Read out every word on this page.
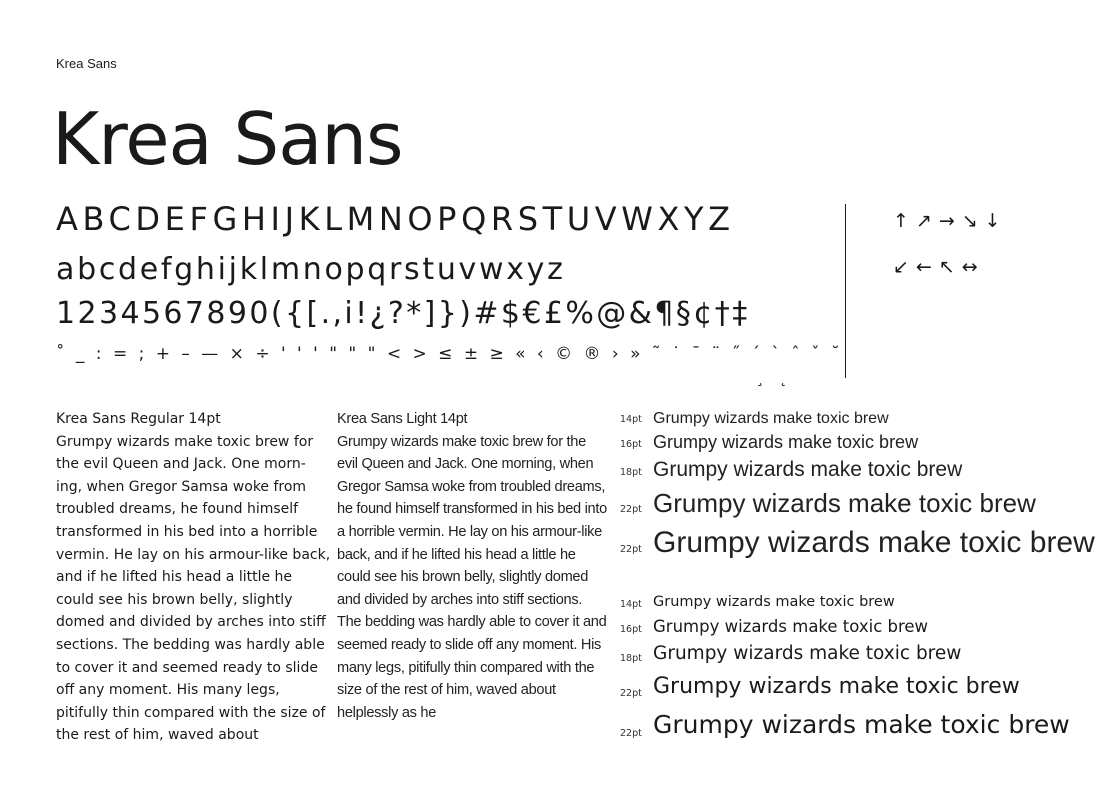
Krea Sans
Krea Sans
ABCDEFGHIJKLMNOPQRSTUVWXYZ
abcdefghijklmnopqrstuvwxyz
1234567890({[.,i!¿?*]})#$€£%@&¶§¢†‡
˚ _ : = ; + – — × ÷ ' ' ' " " " < > ≤ ± ≥ « ‹ © ® › » ˜ ˙ ˉ ¨ ˝ ´ ` ˆ ˇ ˘
¸ ˛
↑↗→↘↓
↙←↖↔
Krea Sans Regular 14pt
Grumpy wizards make toxic brew for the evil Queen and Jack. One morn-ing, when Gregor Samsa woke from troubled dreams, he found himself transformed in his bed into a horrible vermin. He lay on his armour-like back, and if he lifted his head a little he could see his brown belly, slightly domed and divided by arches into stiff sections. The bedding was hardly able to cover it and seemed ready to slide off any moment. His many legs, pitifully thin compared with the size of the rest of him, waved about
Krea Sans Light 14pt
Grumpy wizards make toxic brew for the evil Queen and Jack. One morning, when Gregor Samsa woke from troubled dreams, he found himself transformed in his bed into a horrible vermin. He lay on his armour-like back, and if he lifted his head a little he could see his brown belly, slightly domed and divided by arches into stiff sections. The bedding was hardly able to cover it and seemed ready to slide off any moment. His many legs, pitifully thin compared with the size of the rest of him, waved about helplessly as he
14pt Grumpy wizards make toxic brew
16pt Grumpy wizards make toxic brew
18pt Grumpy wizards make toxic brew
22pt Grumpy wizards make toxic brew
22pt Grumpy wizards make toxic brew
14pt Grumpy wizards make toxic brew
16pt Grumpy wizards make toxic brew
18pt Grumpy wizards make toxic brew
22pt Grumpy wizards make toxic brew
22pt Grumpy wizards make toxic brew
